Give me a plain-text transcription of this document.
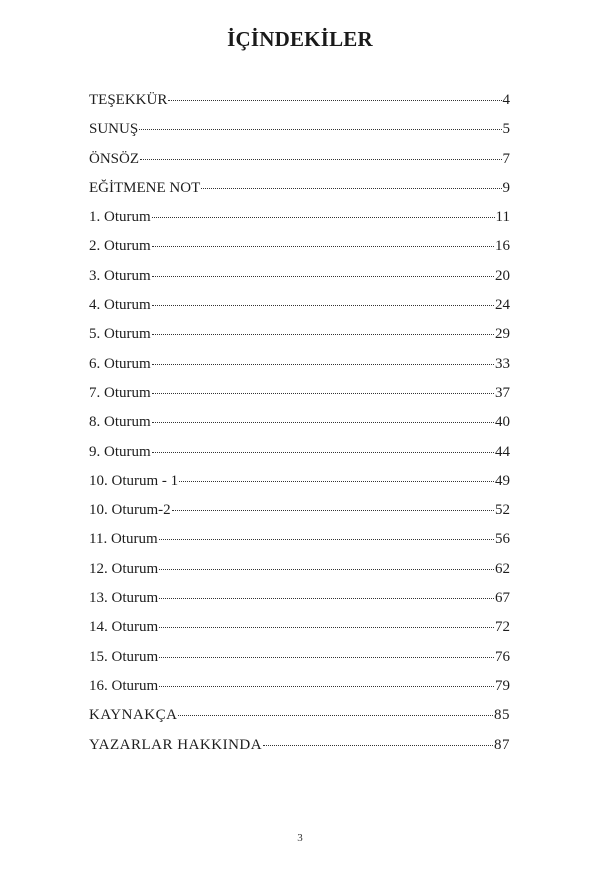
İÇİNDEKİLER
TEŞEKKÜR	4
SUNUŞ	5
ÖNSÖZ	7
EĞİTMENE NOT	9
1. Oturum	11
2. Oturum	16
3. Oturum	20
4. Oturum	24
5. Oturum	29
6. Oturum	33
7. Oturum	37
8. Oturum	40
9. Oturum	44
10. Oturum - 1	49
10. Oturum-2	52
11. Oturum	56
12. Oturum	62
13. Oturum	67
14. Oturum	72
15. Oturum	76
16. Oturum	79
KAYNAKÇA	85
YAZARLAR HAKKINDA	87
3
